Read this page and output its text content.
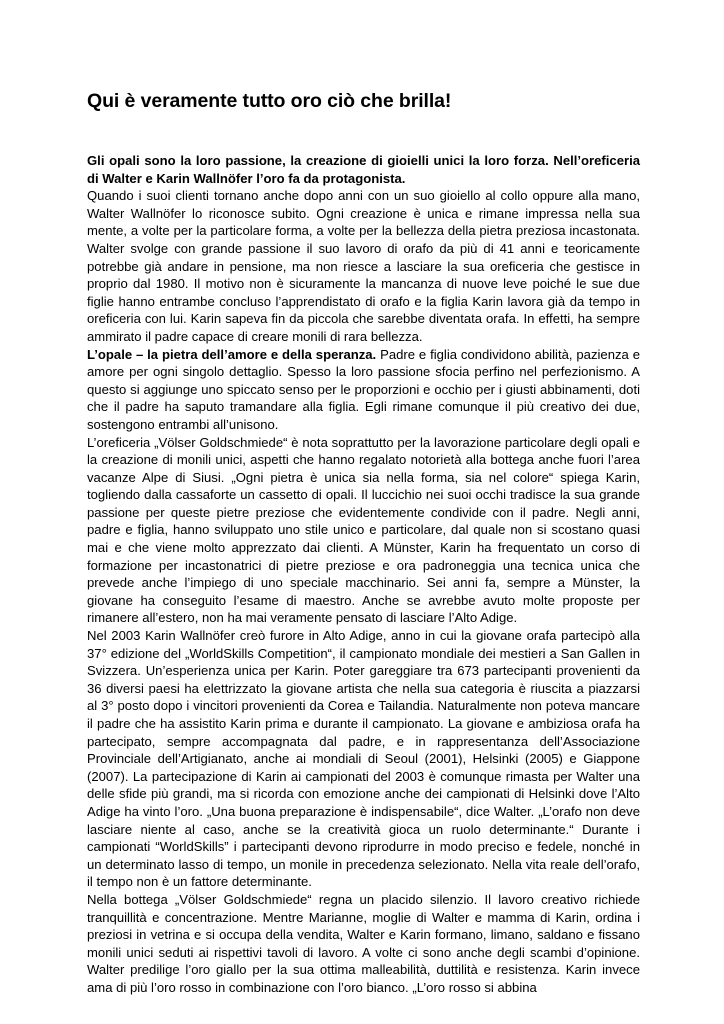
Qui è veramente tutto oro ciò che brilla!

Gli opali sono la loro passione, la creazione di gioielli unici la loro forza. Nell’oreficeria di Walter e Karin Wallnöfer l’oro fa da protagonista.

Quando i suoi clienti tornano anche dopo anni con un suo gioiello al collo oppure alla mano, Walter Wallnöfer lo riconosce subito. Ogni creazione è unica e rimane impressa nella sua mente, a volte per la particolare forma, a volte per la bellezza della pietra preziosa incastonata. Walter svolge con grande passione il suo lavoro di orafo da più di 41 anni e teoricamente potrebbe già andare in pensione, ma non riesce a lasciare la sua oreficeria che gestisce in proprio dal 1980. Il motivo non è sicuramente la mancanza di nuove leve poiché le sue due figlie hanno entrambe concluso l’apprendistato di orafo e la figlia Karin lavora già da tempo in oreficeria con lui. Karin sapeva fin da piccola che sarebbe diventata orafa. In effetti, ha sempre ammirato il padre capace di creare monili di rara bellezza.

L’opale – la pietra dell’amore e della speranza. Padre e figlia condividono abilità, pazienza e amore per ogni singolo dettaglio. Spesso la loro passione sfocia perfino nel perfezionismo. A questo si aggiunge uno spiccato senso per le proporzioni e occhio per i giusti abbinamenti, doti che il padre ha saputo tramandare alla figlia. Egli rimane comunque il più creativo dei due, sostengono entrambi all’unisono.

L’oreficeria „Völser Goldschmiede“ è nota soprattutto per la lavorazione particolare degli opali e la creazione di monili unici, aspetti che hanno regalato notorietà alla bottega anche fuori l’area vacanze Alpe di Siusi. „Ogni pietra è unica sia nella forma, sia nel colore“ spiega Karin, togliendo dalla cassaforte un cassetto di opali. Il luccichio nei suoi occhi tradisce la sua grande passione per queste pietre preziose che evidentemente condivide con il padre. Negli anni, padre e figlia, hanno sviluppato uno stile unico e particolare, dal quale non si scostano quasi mai e che viene molto apprezzato dai clienti. A Münster, Karin ha frequentato un corso di formazione per incastonatrici di pietre preziose e ora padroneggia una tecnica unica che prevede anche l’impiego di uno speciale macchinario. Sei anni fa, sempre a Münster, la giovane ha conseguito l’esame di maestro. Anche se avrebbe avuto molte proposte per rimanere all’estero, non ha mai veramente pensato di lasciare l’Alto Adige.

Nel 2003 Karin Wallnöfer creò furore in Alto Adige, anno in cui la giovane orafa partecipò alla 37° edizione del „WorldSkills Competition“, il campionato mondiale dei mestieri a San Gallen in Svizzera. Un’esperienza unica per Karin. Poter gareggiare tra 673 partecipanti provenienti da 36 diversi paesi ha elettrizzato la giovane artista che nella sua categoria è riuscita a piazzarsi al 3° posto dopo i vincitori provenienti da Corea e Tailandia. Naturalmente non poteva mancare il padre che ha assistito Karin prima e durante il campionato. La giovane e ambiziosa orafa ha partecipato, sempre accompagnata dal padre, e in rappresentanza dell’Associazione Provinciale dell’Artigianato, anche ai mondiali di Seoul (2001), Helsinki (2005) e Giappone (2007). La partecipazione di Karin ai campionati del 2003 è comunque rimasta per Walter una delle sfide più grandi, ma si ricorda con emozione anche dei campionati di Helsinki dove l’Alto Adige ha vinto l’oro. „Una buona preparazione è indispensabile“, dice Walter. „L’orafo non deve lasciare niente al caso, anche se la creatività gioca un ruolo determinante.“ Durante i campionati “WorldSkills” i partecipanti devono riprodurre in modo preciso e fedele, nonché in un determinato lasso di tempo, un monile in precedenza selezionato. Nella vita reale dell’orafo, il tempo non è un fattore determinante.

Nella bottega „Völser Goldschmiede“ regna un placido silenzio. Il lavoro creativo richiede tranquillità e concentrazione. Mentre Marianne, moglie di Walter e mamma di Karin, ordina i preziosi in vetrina e si occupa della vendita, Walter e Karin formano, limano, saldano e fissano monili unici seduti ai rispettivi tavoli di lavoro. A volte ci sono anche degli scambi d’opinione. Walter predilige l’oro giallo per la sua ottima malleabilità, duttilità e resistenza. Karin invece ama di più l’oro rosso in combinazione con l’oro bianco. „L’oro rosso si abbina
